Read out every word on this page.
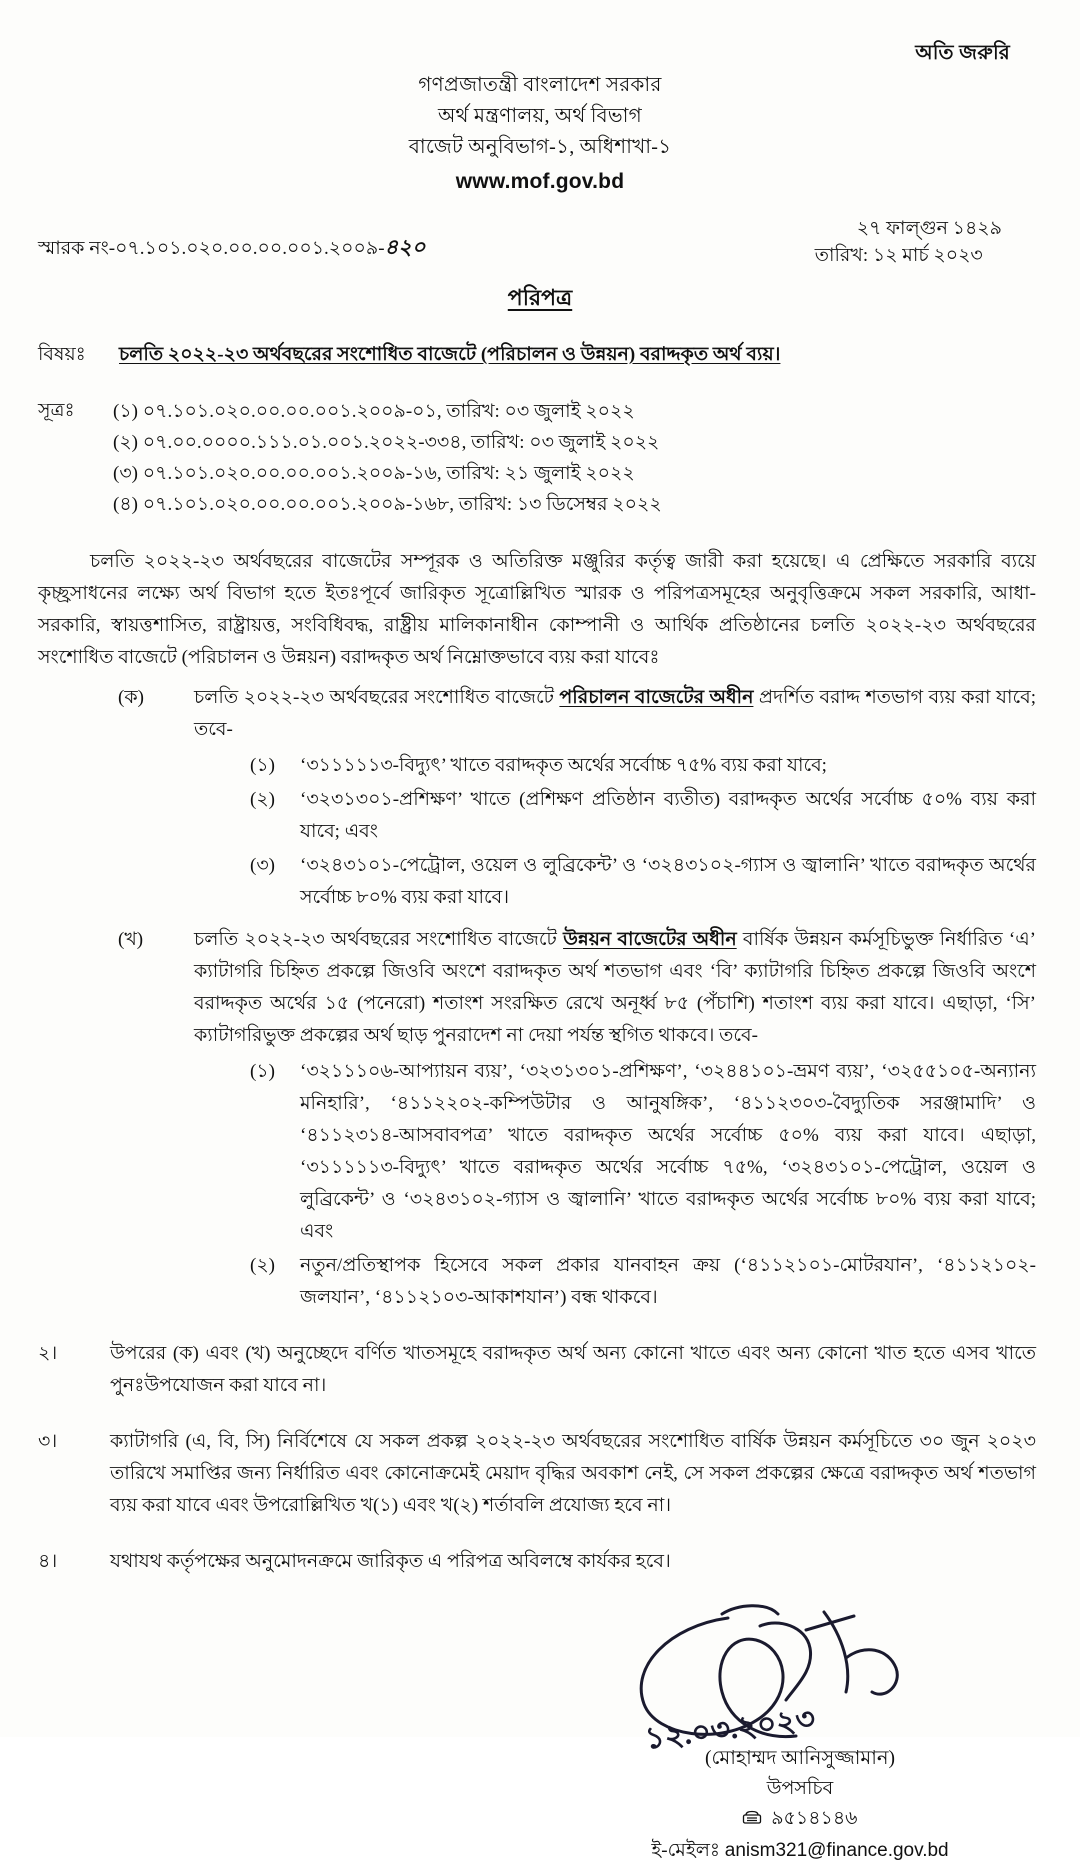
অতি জরুরি
গণপ্রজাতন্ত্রী বাংলাদেশ সরকার
অর্থ মন্ত্রণালয়, অর্থ বিভাগ
বাজেট অনুবিভাগ-১, অধিশাখা-১
www.mof.gov.bd
স্মারক নং-০৭.১০১.০২০.০০.০০.০০১.২০০৯-৪২০
২৭ ফাল্গুন ১৪২৯
তারিখ: ১২ মার্চ ২০২৩
পরিপত্র
বিষয়ঃ	চলতি ২০২২-২৩ অর্থবছরের সংশোধিত বাজেটে (পরিচালন ও উন্নয়ন) বরাদ্দকৃত অর্থ ব্যয়।
সূত্রঃ	(১) ০৭.১০১.০২০.০০.০০.০০১.২০০৯-০১, তারিখ: ০৩ জুলাই ২০২২
(২) ০৭.০০.০০০০.১১১.০১.০০১.২০২২-৩৩৪, তারিখ: ০৩ জুলাই ২০২২
(৩) ০৭.১০১.০২০.০০.০০.০০১.২০০৯-১৬, তারিখ: ২১ জুলাই ২০২২
(৪) ০৭.১০১.০২০.০০.০০.০০১.২০০৯-১৬৮, তারিখ: ১৩ ডিসেম্বর ২০২২
চলতি ২০২২-২৩ অর্থবছরের বাজেটের সম্পূরক ও অতিরিক্ত মঞ্জুরির কর্তৃত্ব জারী করা হয়েছে। এ প্রেক্ষিতে সরকারি ব্যয়ে কৃচ্ছ্রসাধনের লক্ষ্যে অর্থ বিভাগ হতে ইতঃপূর্বে জারিকৃত সূত্রোল্লিখিত স্মারক ও পরিপত্রসমূহের অনুবৃত্তিক্রমে সকল সরকারি, আধা-সরকারি, স্বায়ত্তশাসিত, রাষ্ট্রায়ত্ত, সংবিধিবদ্ধ, রাষ্ট্রীয় মালিকানাধীন কোম্পানী ও আর্থিক প্রতিষ্ঠানের চলতি ২০২২-২৩ অর্থবছরের সংশোধিত বাজেটে (পরিচালন ও উন্নয়ন) বরাদ্দকৃত অর্থ নিম্নোক্তভাবে ব্যয় করা যাবেঃ
(ক)	চলতি ২০২২-২৩ অর্থবছরের সংশোধিত বাজেটে পরিচালন বাজেটের অধীন প্রদর্শিত বরাদ্দ শতভাগ ব্যয় করা যাবে; তবে-
(১)	‘৩১১১১১৩-বিদ্যুৎ’ খাতে বরাদ্দকৃত অর্থের সর্বোচ্চ ৭৫% ব্যয় করা যাবে;
(২)	‘৩২৩১৩০১-প্রশিক্ষণ’ খাতে (প্রশিক্ষণ প্রতিষ্ঠান ব্যতীত) বরাদ্দকৃত অর্থের সর্বোচ্চ ৫০% ব্যয় করা যাবে; এবং
(৩)	‘৩২৪৩১০১-পেট্রোল, ওয়েল ও লুব্রিকেন্ট’ ও ‘৩২৪৩১০২-গ্যাস ও জ্বালানি’ খাতে বরাদ্দকৃত অর্থের সর্বোচ্চ ৮০% ব্যয় করা যাবে।
(খ)	চলতি ২০২২-২৩ অর্থবছরের সংশোধিত বাজেটে উন্নয়ন বাজেটের অধীন বার্ষিক উন্নয়ন কর্মসূচিভুক্ত নির্ধারিত ‘এ’ ক্যাটাগরি চিহ্নিত প্রকল্পে জিওবি অংশে বরাদ্দকৃত অর্থ শতভাগ এবং ‘বি’ ক্যাটাগরি চিহ্নিত প্রকল্পে জিওবি অংশে বরাদ্দকৃত অর্থের ১৫ (পনেরো) শতাংশ সংরক্ষিত রেখে অনূর্ধ্ব ৮৫ (পঁচাশি) শতাংশ ব্যয় করা যাবে। এছাড়া, ‘সি’ ক্যাটাগরিভুক্ত প্রকল্পের অর্থ ছাড় পুনরাদেশ না দেয়া পর্যন্ত স্থগিত থাকবে। তবে-
(১)	‘৩২১১১০৬-আপ্যায়ন ব্যয়’, ‘৩২৩১৩০১-প্রশিক্ষণ’, ‘৩২৪৪১০১-ভ্রমণ ব্যয়’, ‘৩২৫৫১০৫-অন্যান্য মনিহারি’, ‘৪১১২২০২-কম্পিউটার ও আনুষঙ্গিক’, ‘৪১১২৩০৩-বৈদ্যুতিক সরঞ্জামাদি’ ও ‘৪১১২৩১৪-আসবাবপত্র’ খাতে বরাদ্দকৃত অর্থের সর্বোচ্চ ৫০% ব্যয় করা যাবে। এছাড়া, ‘৩১১১১১৩-বিদ্যুৎ’ খাতে বরাদ্দকৃত অর্থের সর্বোচ্চ ৭৫%, ‘৩২৪৩১০১-পেট্রোল, ওয়েল ও লুব্রিকেন্ট’ ও ‘৩২৪৩১০২-গ্যাস ও জ্বালানি’ খাতে বরাদ্দকৃত অর্থের সর্বোচ্চ ৮০% ব্যয় করা যাবে; এবং
(২)	নতুন/প্রতিস্থাপক হিসেবে সকল প্রকার যানবাহন ক্রয় (‘৪১১২১০১-মোটরযান’, ‘৪১১২১০২-জলযান’, ‘৪১১২১০৩-আকাশযান’) বন্ধ থাকবে।
২।	উপরের (ক) এবং (খ) অনুচ্ছেদে বর্ণিত খাতসমূহে বরাদ্দকৃত অর্থ অন্য কোনো খাতে এবং অন্য কোনো খাত হতে এসব খাতে পুনঃউপযোজন করা যাবে না।
৩।	ক্যাটাগরি (এ, বি, সি) নির্বিশেষে যে সকল প্রকল্প ২০২২-২৩ অর্থবছরের সংশোধিত বার্ষিক উন্নয়ন কর্মসূচিতে ৩০ জুন ২০২৩ তারিখে সমাপ্তির জন্য নির্ধারিত এবং কোনোক্রমেই মেয়াদ বৃদ্ধির অবকাশ নেই, সে সকল প্রকল্পের ক্ষেত্রে বরাদ্দকৃত অর্থ শতভাগ ব্যয় করা যাবে এবং উপরোল্লিখিত খ(১) এবং খ(২) শর্তাবলি প্রযোজ্য হবে না।
৪।	যথাযথ কর্তৃপক্ষের অনুমোদনক্রমে জারিকৃত এ পরিপত্র অবিলম্বে কার্যকর হবে।
১২.০৩.২০২৩
(মোহাম্মদ আনিসুজ্জামান)
উপসচিব
৯৫১৪১৪৬
ই-মেইলঃ anism321@finance.gov.bd
